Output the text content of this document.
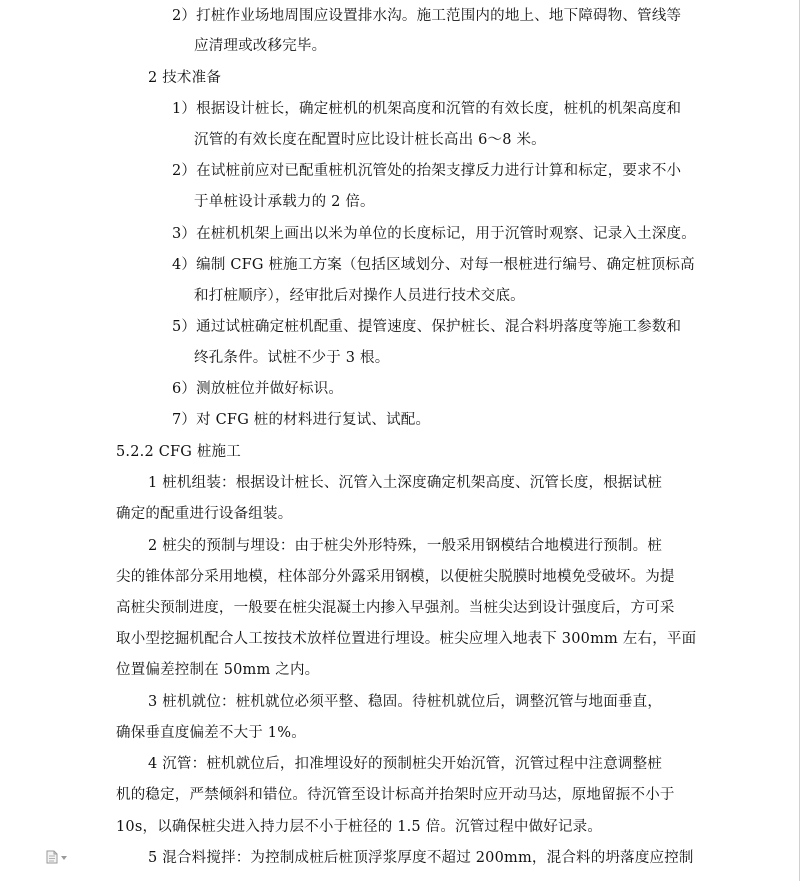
2）打桩作业场地周围应设置排水沟。施工范围内的地上、地下障碍物、管线等
应清理或改移完毕。
2 技术准备
1）根据设计桩长，确定桩机的机架高度和沉管的有效长度，桩机的机架高度和
沉管的有效长度在配置时应比设计桩长高出 6～8 米。
2）在试桩前应对已配重桩机沉管处的抬架支撑反力进行计算和标定，要求不小
于单桩设计承载力的 2 倍。
3）在桩机机架上画出以米为单位的长度标记，用于沉管时观察、记录入土深度。
4）编制 CFG 桩施工方案（包括区域划分、对每一根桩进行编号、确定桩顶标高
和打桩顺序），经审批后对操作人员进行技术交底。
5）通过试桩确定桩机配重、提管速度、保护桩长、混合料坍落度等施工参数和
终孔条件。试桩不少于 3 根。
6）测放桩位并做好标识。
7）对 CFG 桩的材料进行复试、试配。
5.2.2 CFG 桩施工
1 桩机组装：根据设计桩长、沉管入土深度确定机架高度、沉管长度，根据试桩
确定的配重进行设备组装。
2 桩尖的预制与埋设：由于桩尖外形特殊，一般采用钢模结合地模进行预制。桩
尖的锥体部分采用地模，柱体部分外露采用钢模，以便桩尖脱膜时地模免受破坏。为提
高桩尖预制进度，一般要在桩尖混凝土内掺入早强剂。当桩尖达到设计强度后，方可采
取小型挖掘机配合人工按技术放样位置进行埋设。桩尖应埋入地表下 300mm 左右，平面
位置偏差控制在 50mm 之内。
3 桩机就位：桩机就位必须平整、稳固。待桩机就位后，调整沉管与地面垂直，
确保垂直度偏差不大于 1%。
4 沉管：桩机就位后，扣准埋设好的预制桩尖开始沉管，沉管过程中注意调整桩
机的稳定，严禁倾斜和错位。待沉管至设计标高并抬架时应开动马达，原地留振不小于
10s，以确保桩尖进入持力层不小于桩径的 1.5 倍。沉管过程中做好记录。
5 混合料搅拌：为控制成桩后桩顶浮浆厚度不超过 200mm，混合料的坍落度应控制
